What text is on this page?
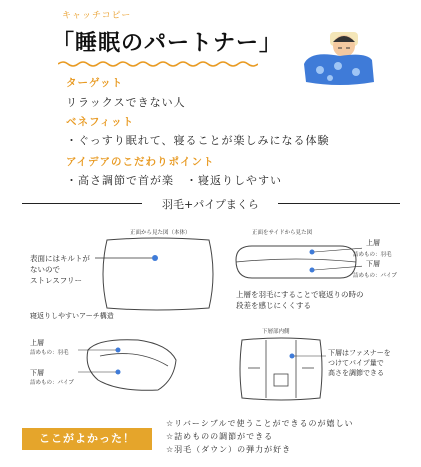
キャッチコピー
「睡眠のパートナー」
ターゲット
リラックスできない人
ベネフィット
・ぐっすり眠れて、寝ることが楽しみになる体験
アイデアのこだわりポイント
・高さ調節で首が楽　・寝返りしやすい
羽毛+パイプまくら
正面から見た図（本体）
表面にはキルトが
ないので
ストレスフリー
正面をサイドから見た図
上層
詰めもの：羽毛
下層
詰めもの：パイプ
上層を羽毛にすることで寝返りの時の
段差を感じにくくする
寝返りしやすいアーチ構造
上層
詰めもの：羽毛
下層
詰めもの：パイプ
下層部内側
下層はファスナーを
つけてパイプ量で
高さを調節できる
ここがよかった！
☆リバーシブルで使うことができるのが嬉しい
☆詰めものの調節ができる
☆羽毛（ダウン）の弾力が好き
